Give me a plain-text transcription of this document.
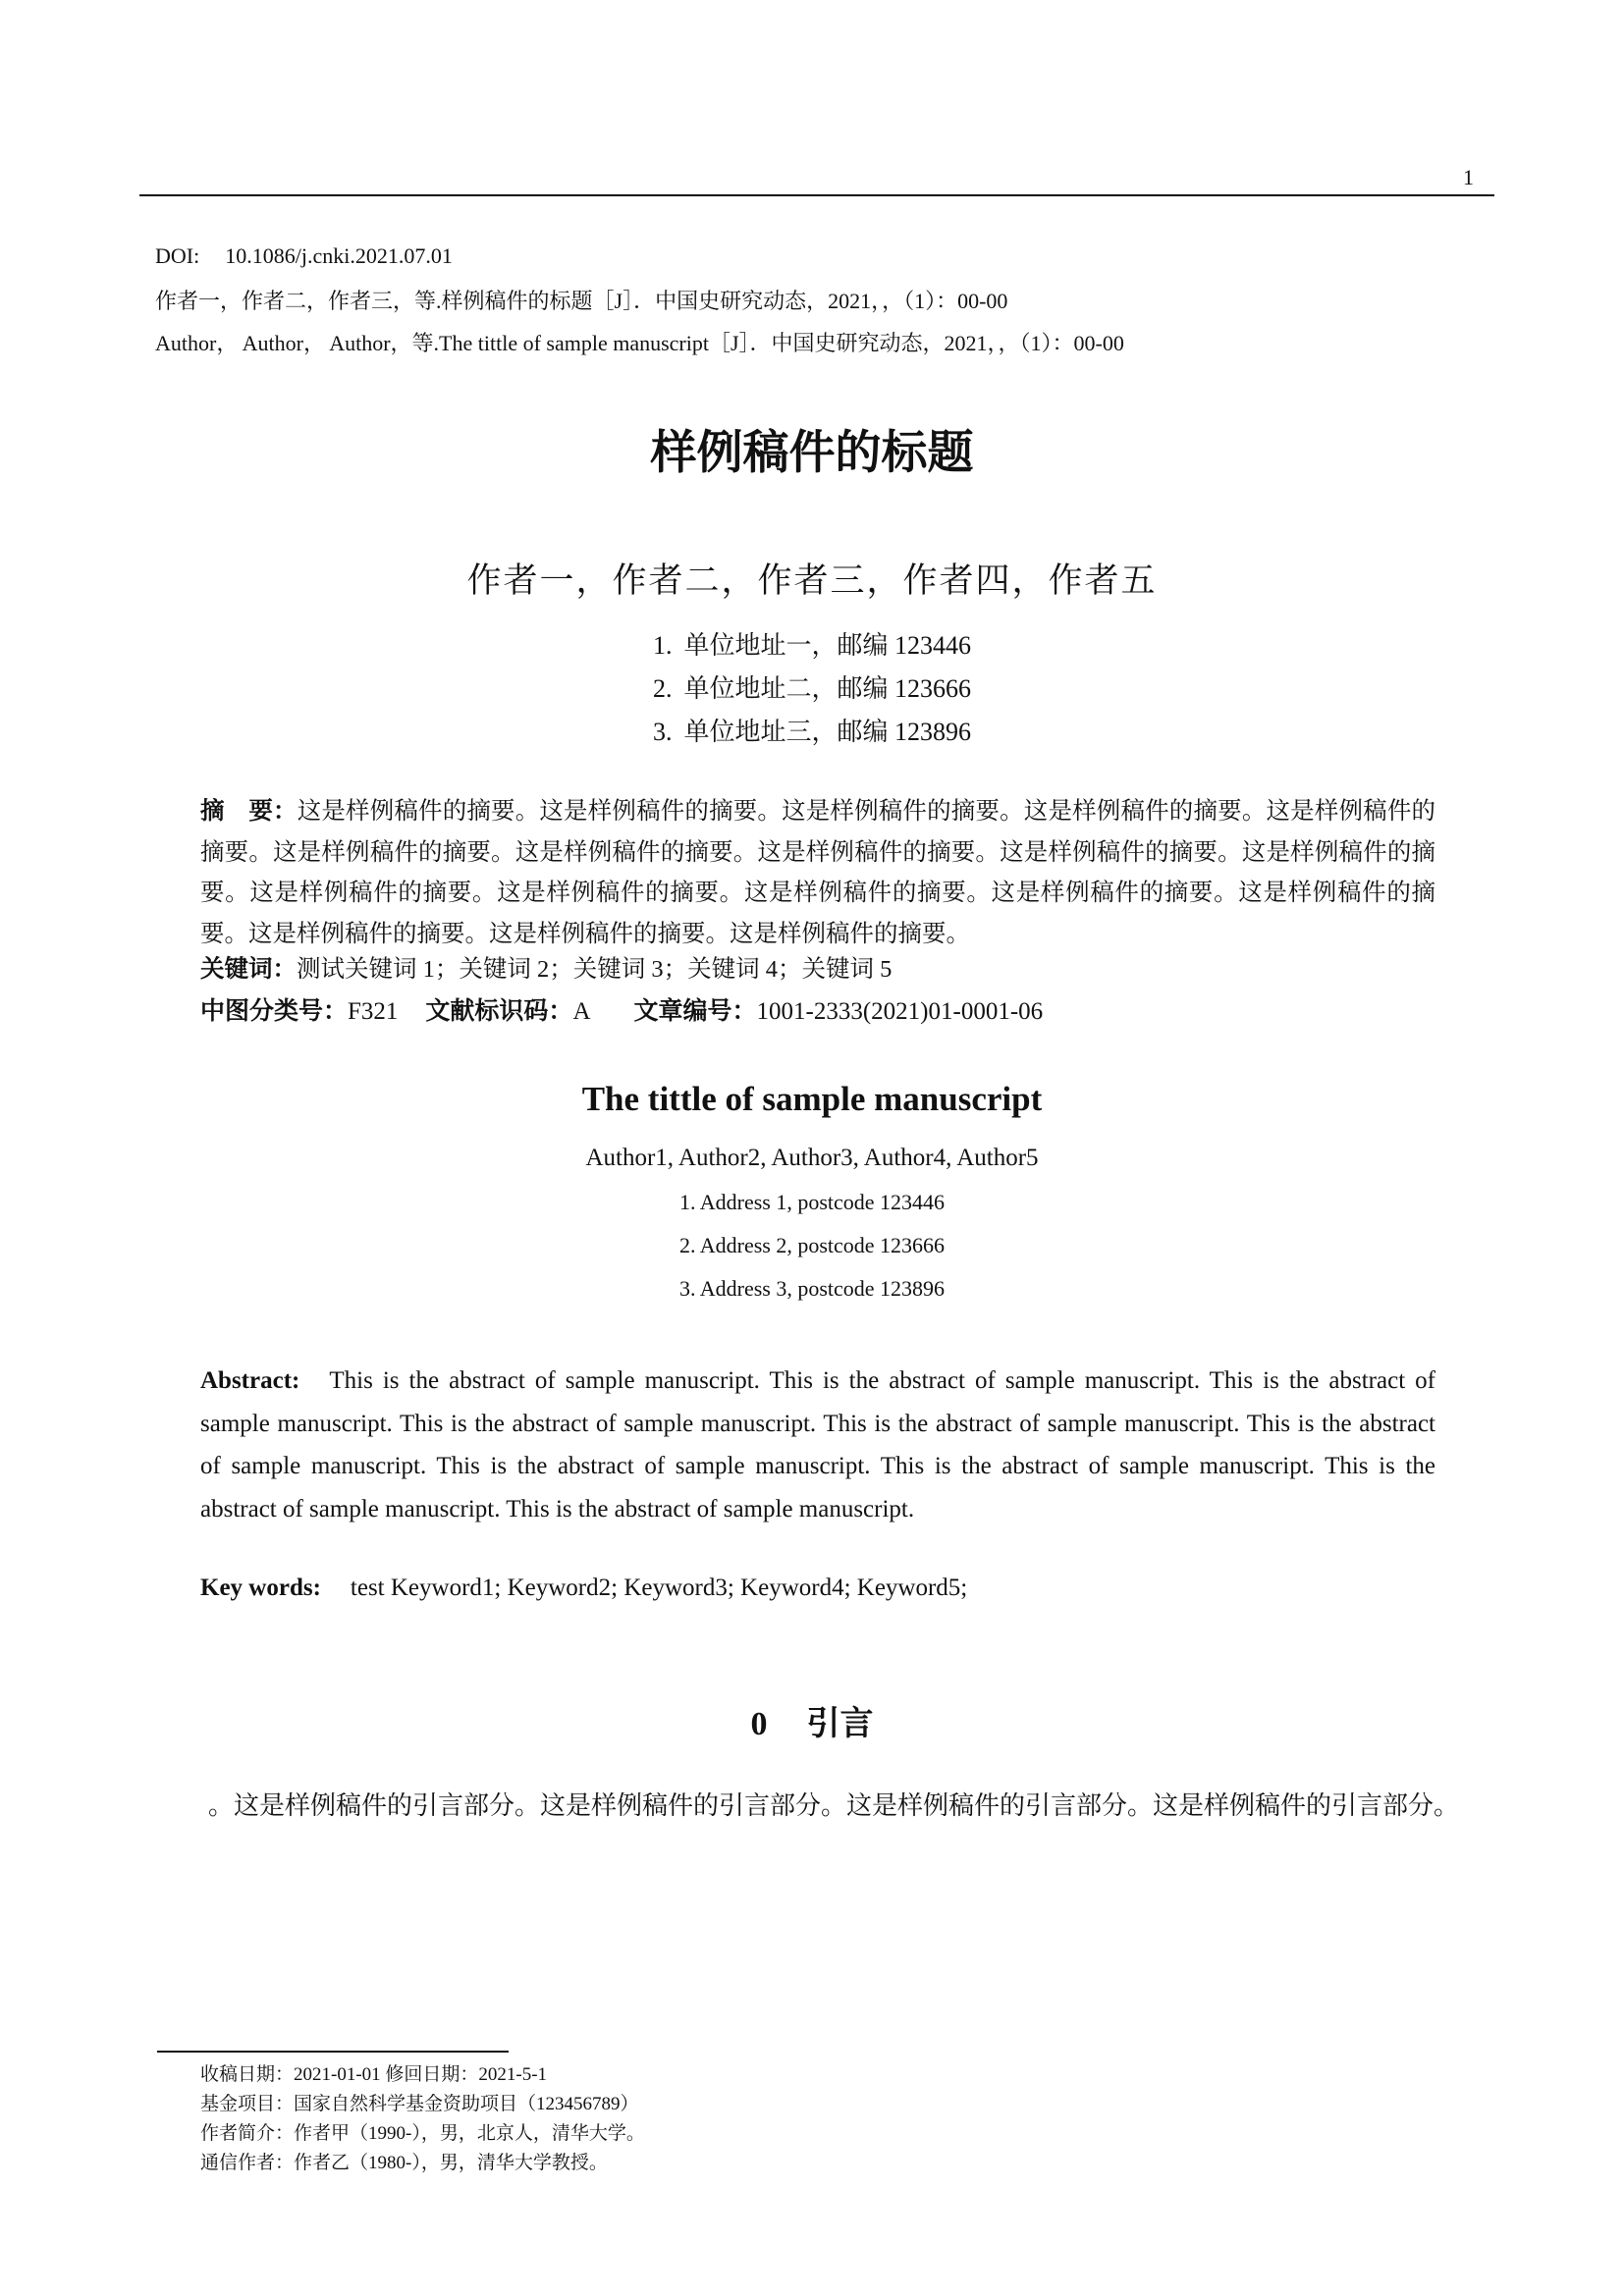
1
DOI: 10.1086/j.cnki.2021.07.01
作者一，作者二，作者三，等.样例稿件的标题［J］．中国史研究动态，2021，，（1）：00-00
Author， Author， Author，等.The tittle of sample manuscript［J］．中国史研究动态，2021，，（1）：00-00
样例稿件的标题
作者一，作者二，作者三，作者四，作者五
1. 单位地址一，邮编 123446
2. 单位地址二，邮编 123666
3. 单位地址三，邮编 123896
摘　要：这是样例稿件的摘要。这是样例稿件的摘要。这是样例稿件的摘要。这是样例稿件的摘要。这是样例稿件的摘要。这是样例稿件的摘要。这是样例稿件的摘要。这是样例稿件的摘要。这是样例稿件的摘要。这是样例稿件的摘要。这是样例稿件的摘要。这是样例稿件的摘要。这是样例稿件的摘要。这是样例稿件的摘要。这是样例稿件的摘要。这是样例稿件的摘要。这是样例稿件的摘要。这是样例稿件的摘要。
关键词：测试关键词 1；关键词 2；关键词 3；关键词 4；关键词 5
中图分类号：F321 文献标识码：A 文章编号：1001-2333(2021)01-0001-06
The tittle of sample manuscript
Author1, Author2, Author3, Author4, Author5
1. Address 1, postcode 123446
2. Address 2, postcode 123666
3. Address 3, postcode 123896
Abstract: This is the abstract of sample manuscript. This is the abstract of sample manuscript. This is the abstract of sample manuscript. This is the abstract of sample manuscript. This is the abstract of sample manuscript. This is the abstract of sample manuscript. This is the abstract of sample manuscript. This is the abstract of sample manuscript. This is the abstract of sample manuscript. This is the abstract of sample manuscript.
Key words: test Keyword1; Keyword2; Keyword3; Keyword4; Keyword5;
0 引言
。这是样例稿件的引言部分。这是样例稿件的引言部分。这是样例稿件的引言部分。这是样例稿件的引言部分。
收稿日期：2021-01-01 修回日期：2021-5-1
基金项目：国家自然科学基金资助项目（123456789）
作者简介：作者甲（1990-），男，北京人，清华大学。
通信作者：作者乙（1980-），男，清华大学教授。
